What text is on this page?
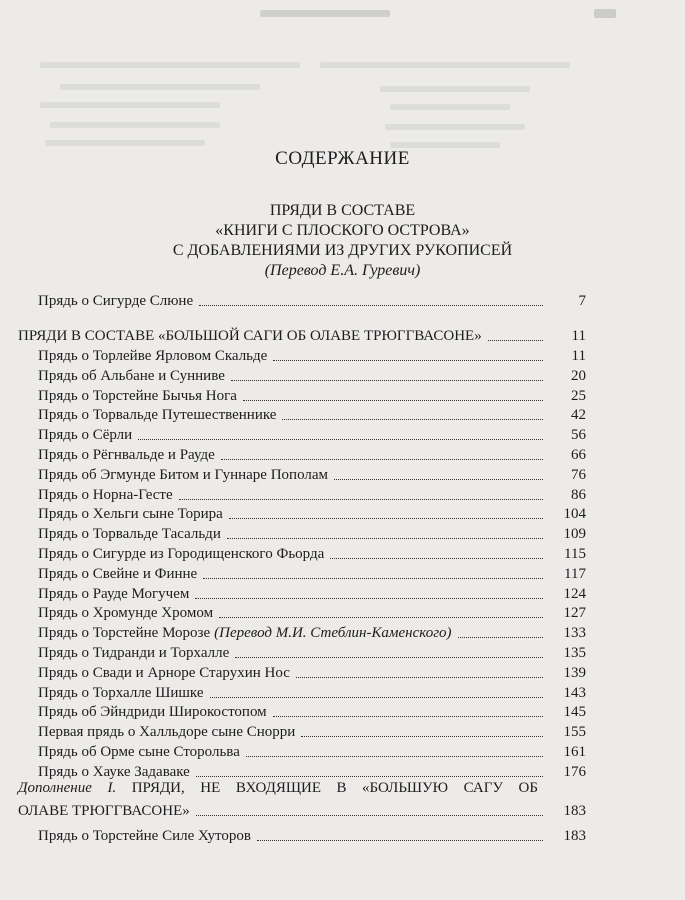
СОДЕРЖАНИЕ
ПРЯДИ В СОСТАВЕ
«КНИГИ С ПЛОСКОГО ОСТРОВА»
С ДОБАВЛЕНИЯМИ ИЗ ДРУГИХ РУКОПИСЕЙ
(Перевод Е.А. Гуревич)
Прядь о Сигурде Слюне	7
ПРЯДИ В СОСТАВЕ «БОЛЬШОЙ САГИ ОБ ОЛАВЕ ТРЮГГВАСОНЕ»	11
Прядь о Торлейве Ярловом Скальде	11
Прядь об Альбане и Сунниве	20
Прядь о Торстейне Бычья Нога	25
Прядь о Торвальде Путешественнике	42
Прядь о Сёрли	56
Прядь о Рёгнвальде и Рауде	66
Прядь об Эгмунде Битом и Гуннаре Пополам	76
Прядь о Норна-Гесте	86
Прядь о Хельги сыне Торира	104
Прядь о Торвальде Тасальди	109
Прядь о Сигурде из Городищенского Фьорда	115
Прядь о Свейне и Финне	117
Прядь о Рауде Могучем	124
Прядь о Хромунде Хромом	127
Прядь о Торстейне Морозе (Перевод М.И. Стеблин-Каменского)	133
Прядь о Тидранди и Торхалле	135
Прядь о Свади и Арноре Старухин Нос	139
Прядь о Торхалле Шишке	143
Прядь об Эйндриди Широкостопом	145
Первая прядь о Халльдоре сыне Снорри	155
Прядь об Орме сыне Сторольва	161
Прядь о Хауке Задаваке	176
Дополнение I. ПРЯДИ, НЕ ВХОДЯЩИЕ В «БОЛЬШУЮ САГУ ОБ
ОЛАВЕ ТРЮГГВАСОНЕ»	183
Прядь о Торстейне Силе Хуторов	183
